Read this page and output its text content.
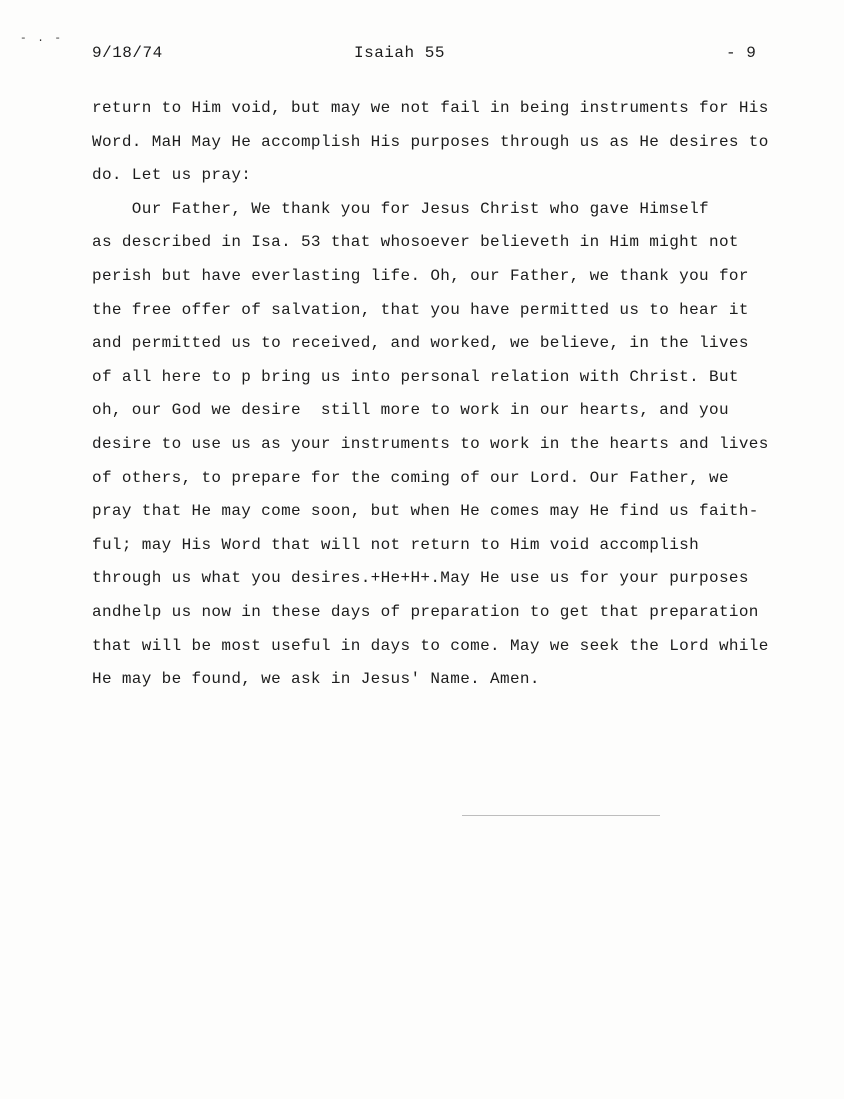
- . -
9/18/74	Isaiah 55	- 9
return to Him void, but may we not fail in being instruments for His
Word. MaH May He accomplish His purposes through us as He desires to
do. Let us pray:
Our Father, We thank you for Jesus Christ who gave Himself
as described in Isa. 53 that whosoever believeth in Him might not
perish but have everlasting life. Oh, our Father, we thank you for
the free offer of salvation, that you have permitted us to hear it
and permitted us to received, and worked, we believe, in the lives
of all here to p bring us into personal relation with Christ. But
oh, our God we desire  still more to work in our hearts, and you
desire to use us as your instruments to work in the hearts and lives
of others, to prepare for the coming of our Lord. Our Father, we
pray that He may come soon, but when He comes may He find us faith-
ful; may His Word that will not return to Him void accomplish
through us what you desires.+He+H+.May He use us for your purposes
andhelp us now in these days of preparation to get that preparation
that will be most useful in days to come. May we seek the Lord while
He may be found, we ask in Jesus' Name. Amen.
